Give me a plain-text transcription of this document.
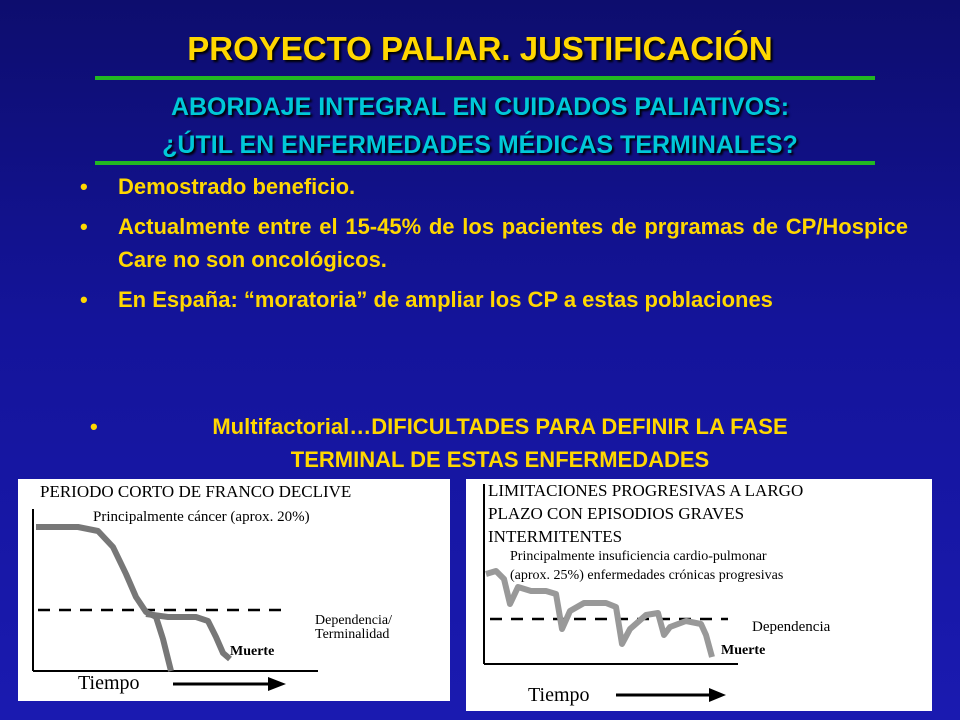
PROYECTO PALIAR. JUSTIFICACIÓN
ABORDAJE INTEGRAL EN CUIDADOS PALIATIVOS:
¿ÚTIL EN ENFERMEDADES MÉDICAS TERMINALES?
• Demostrado beneficio.
• Actualmente entre el 15-45% de los pacientes de prgramas de CP/Hospice Care no son oncológicos.
• En España: “moratoria” de ampliar los CP a estas poblaciones
•	Multifactorial…DIFICULTADES PARA DEFINIR LA FASE
TERMINAL DE ESTAS ENFERMEDADES
PERIODO CORTO DE FRANCO DECLIVE
Principalmente cáncer (aprox. 20%)
Dependencia/
Terminalidad
Muerte
Tiempo
LIMITACIONES PROGRESIVAS A LARGO
PLAZO CON EPISODIOS GRAVES
INTERMITENTES
Principalmente insuficiencia cardio-pulmonar
(aprox. 25%) enfermedades crónicas progresivas
Dependencia
Muerte
Tiempo
